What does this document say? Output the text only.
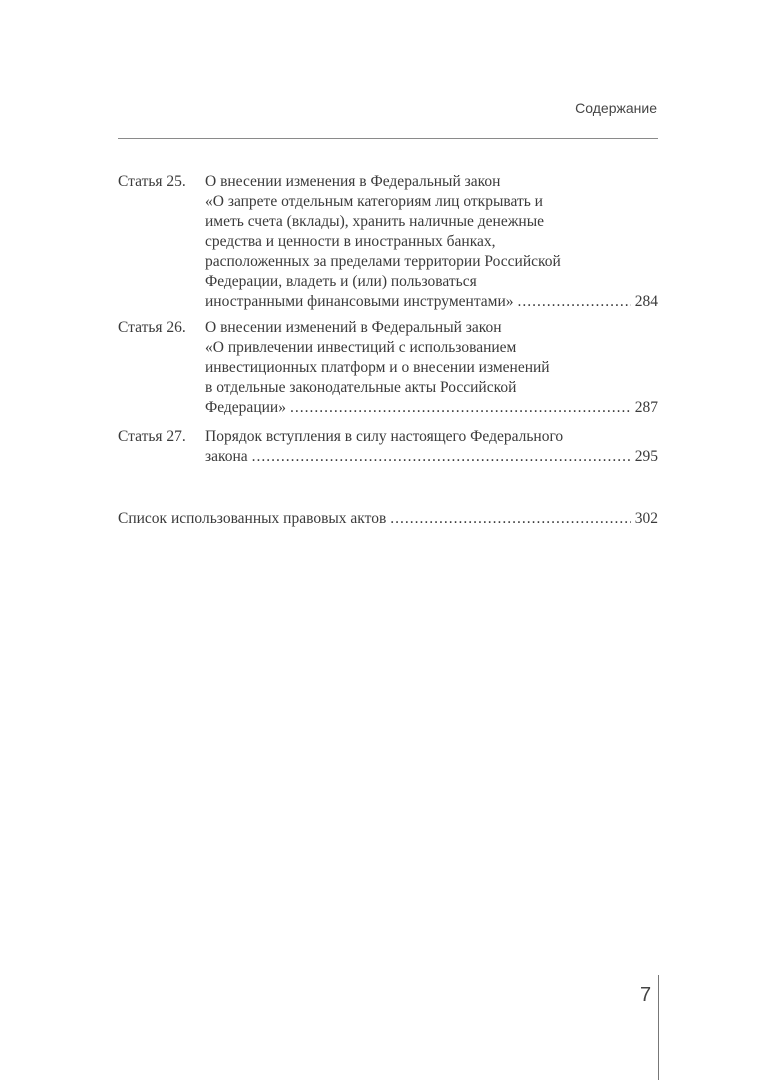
Содержание
Статья 25.	О внесении изменения в Федеральный закон
«О запрете отдельным категориям лиц открывать и
иметь счета (вклады), хранить наличные денежные
средства и ценности в иностранных банках,
расположенных за пределами территории Российской
Федерации, владеть и (или) пользоваться
иностранными финансовыми инструментами» .....	284
Статья 26.	О внесении изменений в Федеральный закон
«О привлечении инвестиций с использованием
инвестиционных платформ и о внесении изменений
в отдельные законодательные акты Российской
Федерации» .....	287
Статья 27.	Порядок вступления в силу настоящего Федерального
закона .....	295
Список использованных правовых актов .....	302
7
